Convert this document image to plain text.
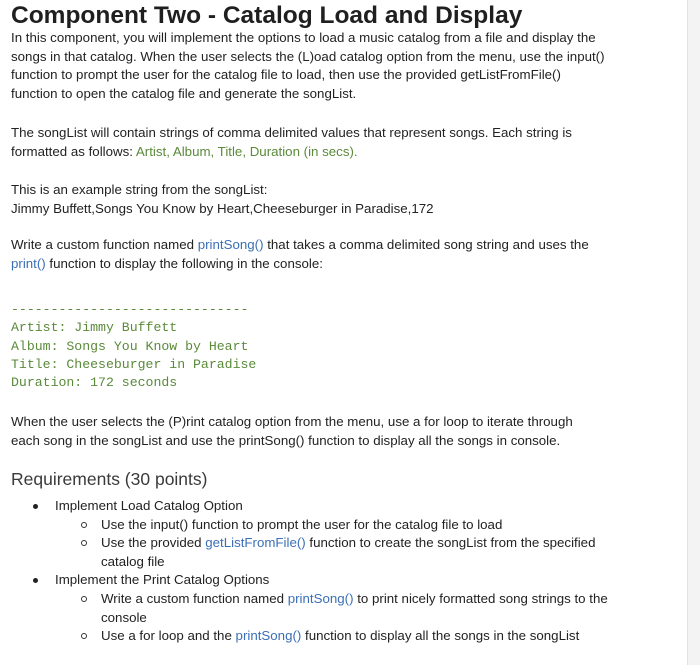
Component Two - Catalog Load and Display

In this component, you will implement the options to load a music catalog from a file and display the songs in that catalog. When the user selects the (L)oad catalog option from the menu, use the input() function to prompt the user for the catalog file to load, then use the provided getListFromFile() function to open the catalog file and generate the songList.

The songList will contain strings of comma delimited values that represent songs. Each string is formatted as follows: Artist, Album, Title, Duration (in secs).

This is an example string from the songList:
Jimmy Buffett,Songs You Know by Heart,Cheeseburger in Paradise,172

Write a custom function named printSong() that takes a comma delimited song string and uses the print() function to display the following in the console:

------------------------------
Artist: Jimmy Buffett
Album: Songs You Know by Heart
Title: Cheeseburger in Paradise
Duration: 172 seconds

When the user selects the (P)rint catalog option from the menu, use a for loop to iterate through each song in the songList and use the printSong() function to display all the songs in console.

Requirements (30 points)
Implement Load Catalog Option
Use the input() function to prompt the user for the catalog file to load
Use the provided getListFromFile() function to create the songList from the specified catalog file
Implement the Print Catalog Options
Write a custom function named printSong() to print nicely formatted song strings to the console
Use a for loop and the printSong() function to display all the songs in the songList
